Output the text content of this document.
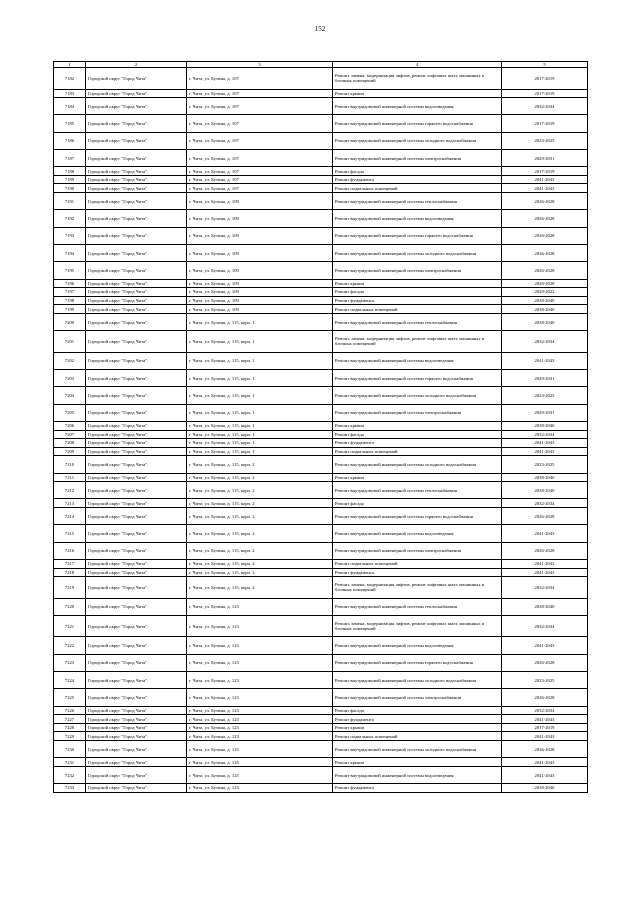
152
1	2	3	4	5
7182	Городской округ "Город Чита"	г. Чита, ул. Бутина, д. 107	Ремонт, замена, модернизация лифтов, ремонт лифтовых шахт, машинных и блочных помещений	2017-2019
7183	Городской округ "Город Чита"	г. Чита, ул. Бутина, д. 107	Ремонт крыши	2017-2019
7184	Городской округ "Город Чита"	г. Чита, ул. Бутина, д. 107	Ремонт внутридомовой инженерной системы водоотведения	2032-2034
7185	Городской округ "Город Чита"	г. Чита, ул. Бутина, д. 107	Ремонт внутридомовой инженерной системы горячего водоснабжения	2017-2019
7186	Городской округ "Город Чита"	г. Чита, ул. Бутина, д. 107	Ремонт внутридомовой инженерной системы холодного водоснабжения	2023-2025
7187	Городской округ "Город Чита"	г. Чита, ул. Бутина, д. 107	Ремонт внутридомовой инженерной системы электроснабжения	2029-2031
7188	Городской округ "Город Чита"	г. Чита, ул. Бутина, д. 107	Ремонт фасада	2017-2019
7189	Городской округ "Город Чита"	г. Чита, ул. Бутина, д. 107	Ремонт фундамента	2041-2043
7190	Городской округ "Город Чита"	г. Чита, ул. Бутина, д. 107	Ремонт подвальных помещений	2041-2043
7191	Городской округ "Город Чита"	г. Чита, ул. Бутина, д. 109	Ремонт внутридомовой инженерной системы теплоснабжения	2026-2028
7192	Городской округ "Город Чита"	г. Чита, ул. Бутина, д. 109	Ремонт внутридомовой инженерной системы водоотведения	2026-2028
7193	Городской округ "Город Чита"	г. Чита, ул. Бутина, д. 109	Ремонт внутридомовой инженерной системы горячего водоснабжения	2026-2028
7194	Городской округ "Город Чита"	г. Чита, ул. Бутина, д. 109	Ремонт внутридомовой инженерной системы холодного водоснабжения	2026-2028
7195	Городской округ "Город Чита"	г. Чита, ул. Бутина, д. 109	Ремонт внутридомовой инженерной системы электроснабжения	2026-2028
7196	Городской округ "Город Чита"	г. Чита, ул. Бутина, д. 109	Ремонт крыши	2026-2028
7197	Городской округ "Город Чита"	г. Чита, ул. Бутина, д. 109	Ремонт фасада	2020-2022
7198	Городской округ "Город Чита"	г. Чита, ул. Бутина, д. 109	Ремонт фундамента	2038-2040
7199	Городской округ "Город Чита"	г. Чита, ул. Бутина, д. 109	Ремонт подвальных помещений	2038-2040
7200	Городской округ "Город Чита"	г. Чита, ул. Бутина, д. 115, корп. 1	Ремонт внутридомовой инженерной системы теплоснабжения	2038-2040
7201	Городской округ "Город Чита"	г. Чита, ул. Бутина, д. 115, корп. 1	Ремонт, замена, модернизация лифтов, ремонт лифтовых шахт, машинных и блочных помещений	2032-2034
7202	Городской округ "Город Чита"	г. Чита, ул. Бутина, д. 115, корп. 1	Ремонт внутридомовой инженерной системы водоотведения	2041-2043
7203	Городской округ "Город Чита"	г. Чита, ул. Бутина, д. 115, корп. 1	Ремонт внутридомовой инженерной системы горячего водоснабжения	2029-2031
7204	Городской округ "Город Чита"	г. Чита, ул. Бутина, д. 115, корп. 1	Ремонт внутридомовой инженерной системы холодного водоснабжения	2023-2025
7205	Городской округ "Город Чита"	г. Чита, ул. Бутина, д. 115, корп. 1	Ремонт внутридомовой инженерной системы электроснабжения	2029-2031
7206	Городской округ "Город Чита"	г. Чита, ул. Бутина, д. 115, корп. 1	Ремонт крыши	2038-2040
7207	Городской округ "Город Чита"	г. Чита, ул. Бутина, д. 115, корп. 1	Ремонт фасада	2032-2034
7208	Городской округ "Город Чита"	г. Чита, ул. Бутина, д. 115, корп. 1	Ремонт фундамента	2041-2043
7209	Городской округ "Город Чита"	г. Чита, ул. Бутина, д. 115, корп. 1	Ремонт подвальных помещений	2041-2043
7210	Городской округ "Город Чита"	г. Чита, ул. Бутина, д. 115, корп. 2	Ремонт внутридомовой инженерной системы холодного водоснабжения	2023-2025
7211	Городской округ "Город Чита"	г. Чита, ул. Бутина, д. 115, корп. 2	Ремонт крыши	2038-2040
7212	Городской округ "Город Чита"	г. Чита, ул. Бутина, д. 115, корп. 2	Ремонт внутридомовой инженерной системы теплоснабжения	2038-2040
7213	Городской округ "Город Чита"	г. Чита, ул. Бутина, д. 115, корп. 2	Ремонт фасада	2032-2034
7214	Городской округ "Город Чита"	г. Чита, ул. Бутина, д. 115, корп. 2	Ремонт внутридомовой инженерной системы горячего водоснабжения	2026-2028
7215	Городской округ "Город Чита"	г. Чита, ул. Бутина, д. 115, корп. 2	Ремонт внутридомовой инженерной системы водоотведения	2041-2043
7216	Городской округ "Город Чита"	г. Чита, ул. Бутина, д. 115, корп. 2	Ремонт внутридомовой инженерной системы электроснабжения	2026-2028
7217	Городской округ "Город Чита"	г. Чита, ул. Бутина, д. 115, корп. 2	Ремонт подвальных помещений	2041-2043
7218	Городской округ "Город Чита"	г. Чита, ул. Бутина, д. 115, корп. 2	Ремонт фундамента	2041-2043
7219	Городской округ "Город Чита"	г. Чита, ул. Бутина, д. 115, корп. 2	Ремонт, замена, модернизация лифтов, ремонт лифтовых шахт, машинных и блочных помещений	2032-2034
7220	Городской округ "Город Чита"	г. Чита, ул. Бутина, д. 123	Ремонт внутридомовой инженерной системы теплоснабжения	2038-2040
7221	Городской округ "Город Чита"	г. Чита, ул. Бутина, д. 123	Ремонт, замена, модернизация лифтов, ремонт лифтовых шахт, машинных и блочных помещений	2032-2034
7222	Городской округ "Город Чита"	г. Чита, ул. Бутина, д. 123	Ремонт внутридомовой инженерной системы водоотведения	2041-2043
7223	Городской округ "Город Чита"	г. Чита, ул. Бутина, д. 123	Ремонт внутридомовой инженерной системы горячего водоснабжения	2026-2028
7224	Городской округ "Город Чита"	г. Чита, ул. Бутина, д. 123	Ремонт внутридомовой инженерной системы холодного водоснабжения	2023-2025
7225	Городской округ "Город Чита"	г. Чита, ул. Бутина, д. 123	Ремонт внутридомовой инженерной системы электроснабжения	2026-2028
7226	Городской округ "Город Чита"	г. Чита, ул. Бутина, д. 123	Ремонт фасада	2032-2034
7227	Городской округ "Город Чита"	г. Чита, ул. Бутина, д. 123	Ремонт фундамента	2041-2043
7228	Городской округ "Город Чита"	г. Чита, ул. Бутина, д. 123	Ремонт крыши	2017-2019
7229	Городской округ "Город Чита"	г. Чита, ул. Бутина, д. 123	Ремонт подвальных помещений	2041-2043
7230	Городской округ "Город Чита"	г. Чита, ул. Бутина, д. 125	Ремонт внутридомовой инженерной системы холодного водоснабжения	2026-2028
7231	Городской округ "Город Чита"	г. Чита, ул. Бутина, д. 125	Ремонт крыши	2041-2043
7232	Городской округ "Город Чита"	г. Чита, ул. Бутина, д. 125	Ремонт внутридомовой инженерной системы водоотведения	2041-2043
7233	Городской округ "Город Чита"	г. Чита, ул. Бутина, д. 125	Ремонт фундамента	2038-2040
